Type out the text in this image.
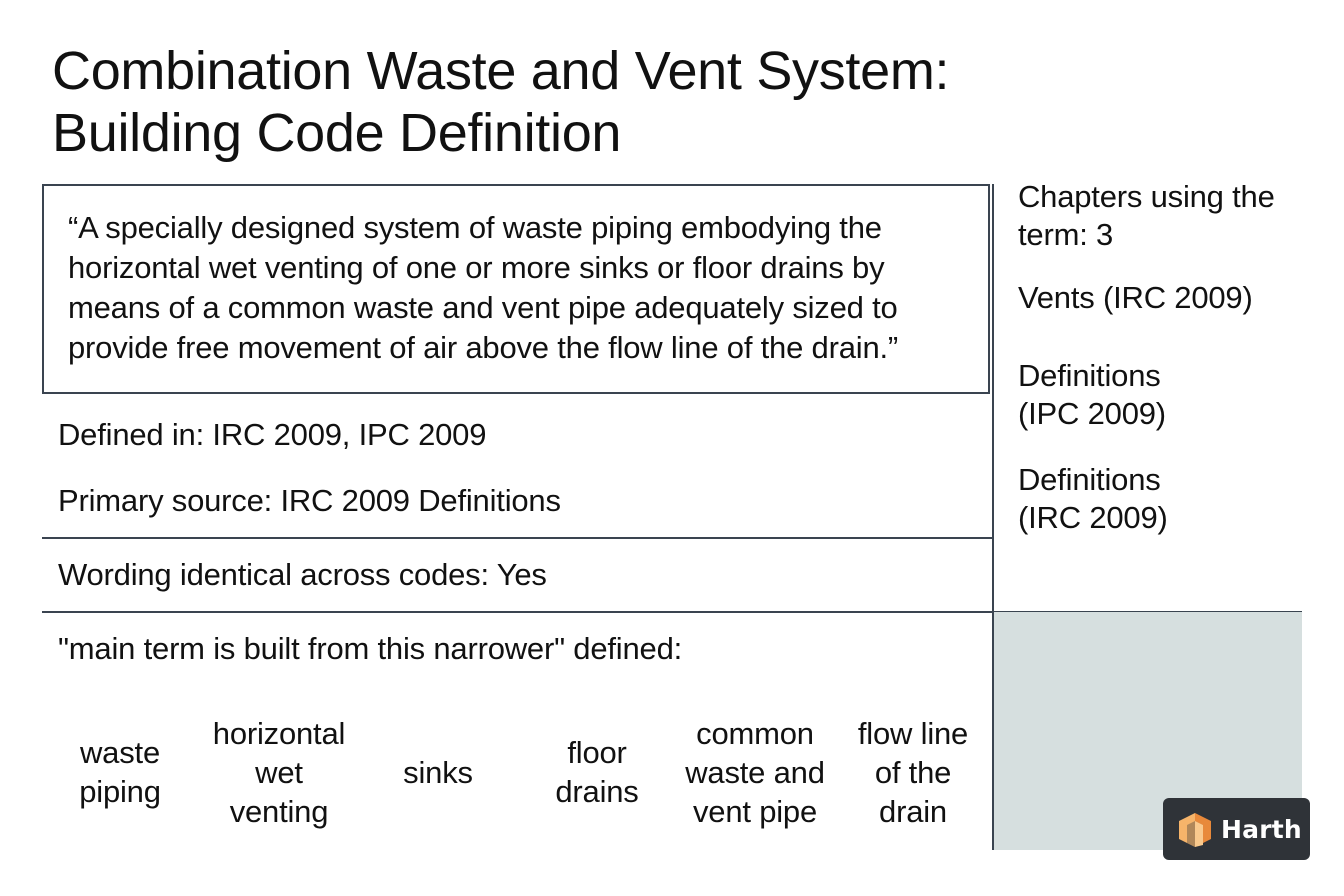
Combination Waste and Vent System:
Building Code Definition
“A specially designed system of waste piping embodying the horizontal wet venting of one or more sinks or floor drains by means of a common waste and vent pipe adequately sized to provide free movement of air above the flow line of the drain.”
Defined in: IRC 2009, IPC 2009
Primary source: IRC 2009 Definitions
Wording identical across codes: Yes
"main term is built from this narrower" defined:
Chapters using the term: 3
Vents (IRC 2009)
Definitions (IPC 2009)
Definitions (IRC 2009)
waste piping
horizontal wet venting
sinks
floor drains
common waste and vent pipe
flow line of the drain
Harth
